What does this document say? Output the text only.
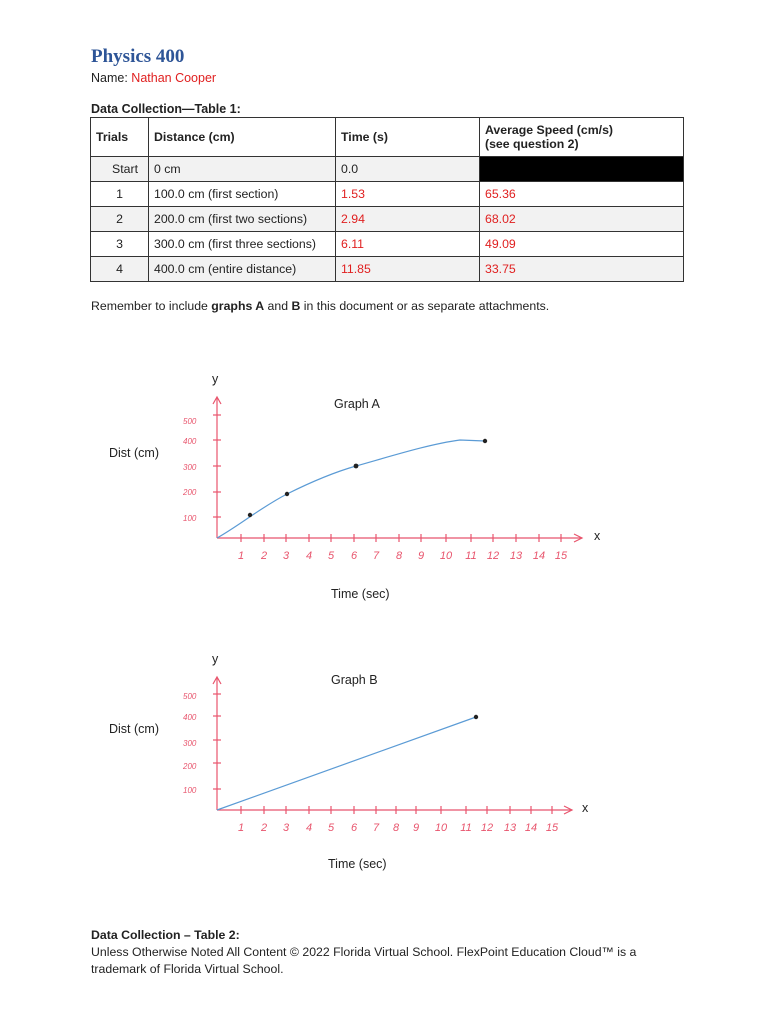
Physics 400
Name: Nathan Cooper
Data Collection—Table 1:
Trials	Distance (cm)	Time (s)	Average Speed (cm/s)
(see question 2)

Start	0 cm	0.0	
1	100.0 cm (first section)	1.53	65.36
2	200.0 cm (first two sections)	2.94	68.02
3	300.0 cm (first three sections)	6.11	49.09
4	400.0 cm (entire distance)	11.85	33.75
Remember to include graphs A and B in this document or as separate attachments.
y
x
100
200
300
400
500
1 2 3 4 5 6 7 8 9 10 11 12 13 14 15
Dist (cm)
Graph A
Time (sec)
y
x
100
200
300
400
500
1 2 3 4 5 6 7 8 9 10 11 12 13 14 15
Dist (cm)
Graph B
Time (sec)
Data Collection – Table 2:
Unless Otherwise Noted All Content © 2022 Florida Virtual School. FlexPoint Education Cloud™ is a trademark of Florida Virtual School.
